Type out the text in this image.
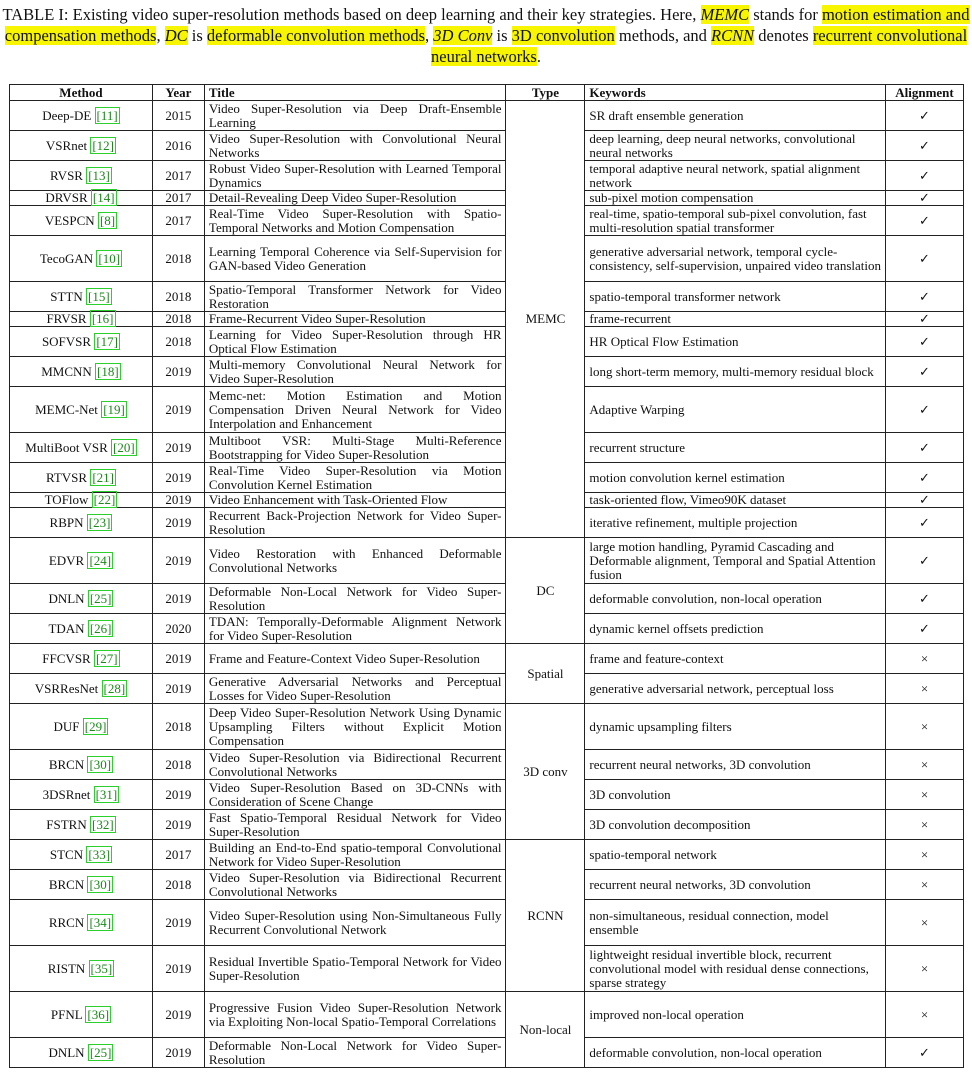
TABLE I: Existing video super-resolution methods based on deep learning and their key strategies. Here, MEMC stands for motion estimation and compensation methods, DC is deformable convolution methods, 3D Conv is 3D convolution methods, and RCNN denotes recurrent convolutional neural networks.
Method	Year	Title	Type	Keywords	Alignment
Deep-DE [11]	2015	Video Super-Resolution via Deep Draft-Ensemble Learning	MEMC	SR draft ensemble generation	✓
VSRnet [12]	2016	Video Super-Resolution with Convolutional Neural Networks		deep learning, deep neural networks, convolutional neural networks	✓
RVSR [13]	2017	Robust Video Super-Resolution with Learned Temporal Dynamics		temporal adaptive neural network, spatial alignment network	✓
DRVSR [14]	2017	Detail-Revealing Deep Video Super-Resolution		sub-pixel motion compensation	✓
VESPCN [8]	2017	Real-Time Video Super-Resolution with Spatio-Temporal Networks and Motion Compensation		real-time, spatio-temporal sub-pixel convolution, fast multi-resolution spatial transformer	✓
TecoGAN [10]	2018	Learning Temporal Coherence via Self-Supervision for GAN-based Video Generation		generative adversarial network, temporal cycle-consistency, self-supervision, unpaired video translation	✓
STTN [15]	2018	Spatio-Temporal Transformer Network for Video Restoration		spatio-temporal transformer network	✓
FRVSR [16]	2018	Frame-Recurrent Video Super-Resolution		frame-recurrent	✓
SOFVSR [17]	2018	Learning for Video Super-Resolution through HR Optical Flow Estimation		HR Optical Flow Estimation	✓
MMCNN [18]	2019	Multi-memory Convolutional Neural Network for Video Super-Resolution		long short-term memory, multi-memory residual block	✓
MEMC-Net [19]	2019	Memc-net: Motion Estimation and Motion Compensation Driven Neural Network for Video Interpolation and Enhancement		Adaptive Warping	✓
MultiBoot VSR [20]	2019	Multiboot VSR: Multi-Stage Multi-Reference Bootstrapping for Video Super-Resolution		recurrent structure	✓
RTVSR [21]	2019	Real-Time Video Super-Resolution via Motion Convolution Kernel Estimation		motion convolution kernel estimation	✓
TOFlow [22]	2019	Video Enhancement with Task-Oriented Flow		task-oriented flow, Vimeo90K dataset	✓
RBPN [23]	2019	Recurrent Back-Projection Network for Video Super-Resolution		iterative refinement, multiple projection	✓
EDVR [24]	2019	Video Restoration with Enhanced Deformable Convolutional Networks	DC	large motion handling, Pyramid Cascading and Deformable alignment, Temporal and Spatial Attention fusion	✓
DNLN [25]	2019	Deformable Non-Local Network for Video Super-Resolution		deformable convolution, non-local operation	✓
TDAN [26]	2020	TDAN: Temporally-Deformable Alignment Network for Video Super-Resolution		dynamic kernel offsets prediction	✓
FFCVSR [27]	2019	Frame and Feature-Context Video Super-Resolution	Spatial	frame and feature-context	×
VSRResNet [28]	2019	Generative Adversarial Networks and Perceptual Losses for Video Super-Resolution		generative adversarial network, perceptual loss	×
DUF [29]	2018	Deep Video Super-Resolution Network Using Dynamic Upsampling Filters without Explicit Motion Compensation	3D conv	dynamic upsampling filters	×
BRCN [30]	2018	Video Super-Resolution via Bidirectional Recurrent Convolutional Networks		recurrent neural networks, 3D convolution	×
3DSRnet [31]	2019	Video Super-Resolution Based on 3D-CNNs with Consideration of Scene Change		3D convolution	×
FSTRN [32]	2019	Fast Spatio-Temporal Residual Network for Video Super-Resolution		3D convolution decomposition	×
STCN [33]	2017	Building an End-to-End spatio-temporal Convolutional Network for Video Super-Resolution	RCNN	spatio-temporal network	×
BRCN [30]	2018	Video Super-Resolution via Bidirectional Recurrent Convolutional Networks		recurrent neural networks, 3D convolution	×
RRCN [34]	2019	Video Super-Resolution using Non-Simultaneous Fully Recurrent Convolutional Network		non-simultaneous, residual connection, model ensemble	×
RISTN [35]	2019	Residual Invertible Spatio-Temporal Network for Video Super-Resolution		lightweight residual invertible block, recurrent convolutional model with residual dense connections, sparse strategy	×
PFNL [36]	2019	Progressive Fusion Video Super-Resolution Network via Exploiting Non-local Spatio-Temporal Correlations	Non-local	improved non-local operation	×
DNLN [25]	2019	Deformable Non-Local Network for Video Super-Resolution		deformable convolution, non-local operation	✓
